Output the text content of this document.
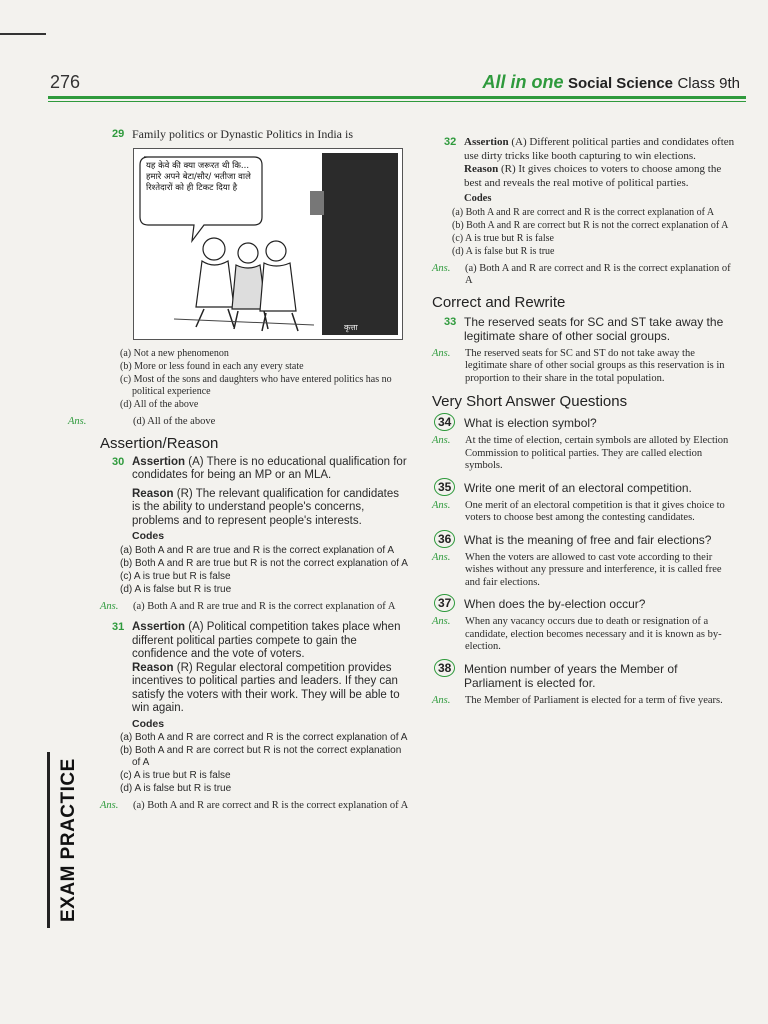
276	All in one Social Science Class 9th
EXAM PRACTICE
29 Family politics or Dynastic Politics in India is
यह केवे की क्या जरूरत थी कि... हमारे अपने बेटा/सौर/ भतीजा वाले रिश्तेदारों को ही टिकट दिया है
कृत्ता
(a) Not a new phenomenon
(b) More or less found in each any every state
(c) Most of the sons and daughters who have entered politics has no political experience
(d) All of the above
Ans.	(d) All of the above
Assertion/Reason
30 Assertion (A) There is no educational qualification for condidates for being an MP or an MLA.
Reason (R) The relevant qualification for candidates is the ability to understand people's concerns, problems and to represent people's interests.
Codes
(a) Both A and R are true and R is the correct explanation of A
(b) Both A and R are true but R is not the correct explanation of A
(c) A is true but R is false
(d) A is false but R is true
Ans. (a) Both A and R are true and R is the correct explanation of A
31 Assertion (A) Political competition takes place when different political parties compete to gain the confidence and the vote of voters.
Reason (R) Regular electoral competition provides incentives to political parties and leaders. If they can satisfy the voters with their work. They will be able to win again.
Codes
(a) Both A and R are correct and R is the correct explanation of A
(b) Both A and R are correct but R is not the correct explanation of A
(c) A is true but R is false
(d) A is false but R is true
Ans. (a) Both A and R are correct and R is the correct explanation of A
32 Assertion (A) Different political parties and condidates often use dirty tricks like booth capturing to win elections.
Reason (R) It gives choices to voters to choose among the best and reveals the real motive of political parties.
Codes
(a) Both A and R are correct and R is the correct explanation of A
(b) Both A and R are correct but R is not the correct explanation of A
(c) A is true but R is false
(d) A is false but R is true
Ans. (a) Both A and R are correct and R is the correct explanation of A
Correct and Rewrite
33 The reserved seats for SC and ST take away the legitimate share of other social groups.
Ans. The reserved seats for SC and ST do not take away the legitimate share of other social groups as this reservation is in proportion to their share in the total population.
Very Short Answer Questions
34	What is election symbol?
Ans. At the time of election, certain symbols are alloted by Election Commission to political parties. They are called election symbols.
35	Write one merit of an electoral competition.
Ans. One merit of an electoral competition is that it gives choice to voters to choose best among the contesting candidates.
36	What is the meaning of free and fair elections?
Ans. When the voters are allowed to cast vote according to their wishes without any pressure and interference, it is called free and fair elections.
37	When does the by-election occur?
Ans. When any vacancy occurs due to death or resignation of a candidate, election becomes necessary and it is known as by-election.
38	Mention number of years the Member of Parliament is elected for.
Ans. The Member of Parliament is elected for a term of five years.
